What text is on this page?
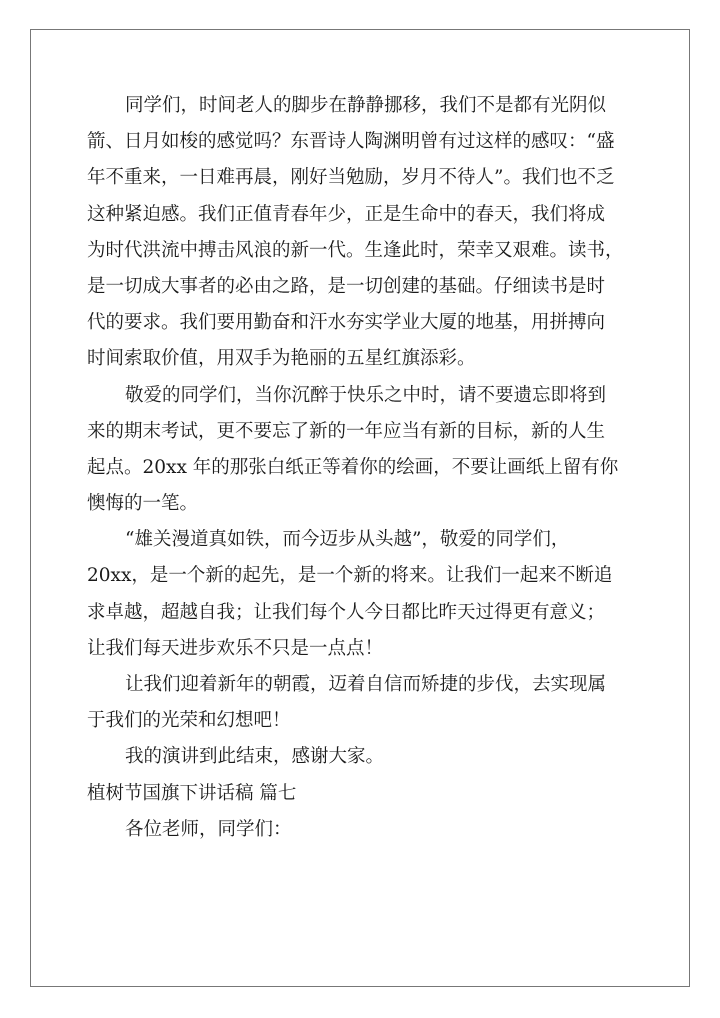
同学们，时间老人的脚步在静静挪移，我们不是都有光阴似
箭、日月如梭的感觉吗？东晋诗人陶渊明曾有过这样的感叹：“盛
年不重来，一日难再晨，刚好当勉励，岁月不待人”。我们也不乏
这种紧迫感。我们正值青春年少，正是生命中的春天，我们将成
为时代洪流中搏击风浪的新一代。生逢此时，荣幸又艰难。读书，
是一切成大事者的必由之路，是一切创建的基础。仔细读书是时
代的要求。我们要用勤奋和汗水夯实学业大厦的地基，用拼搏向
时间索取价值，用双手为艳丽的五星红旗添彩。
敬爱的同学们，当你沉醉于快乐之中时，请不要遗忘即将到
来的期末考试，更不要忘了新的一年应当有新的目标，新的人生
起点。20xx 年的那张白纸正等着你的绘画，不要让画纸上留有你
懊悔的一笔。
“雄关漫道真如铁，而今迈步从头越”，敬爱的同学们，
20xx，是一个新的起先，是一个新的将来。让我们一起来不断追
求卓越，超越自我；让我们每个人今日都比昨天过得更有意义；
让我们每天进步欢乐不只是一点点！
让我们迎着新年的朝霞，迈着自信而矫捷的步伐，去实现属
于我们的光荣和幻想吧！
我的演讲到此结束，感谢大家。
植树节国旗下讲话稿 篇七
各位老师，同学们：
